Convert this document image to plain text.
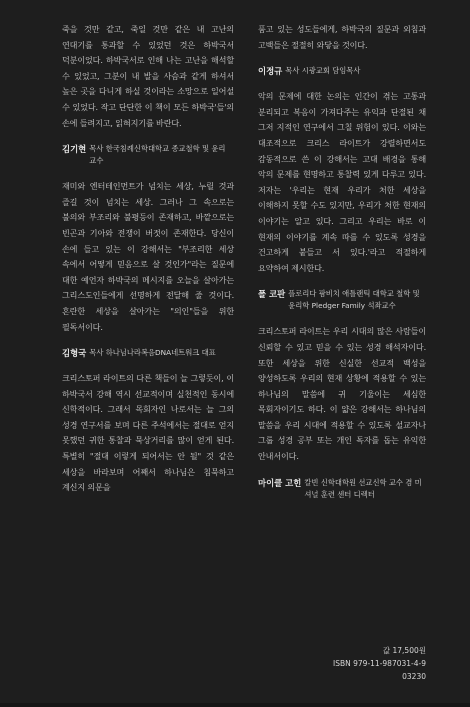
죽을 것만 같고, 죽일 것만 같은 내 고난의 연대기를 통과할 수 있었던 것은 하박국서 덕분이었다. 하박국서로 인해 나는 고난을 해석할 수 있었고, 그분이 내 발을 사슴과 같게 하셔서 높은 곳을 다니게 하실 것이라는 소망으로 일어설 수 있었다. 작고 단단한 이 책이 모든 하박국'들'의 손에 들려지고, 읽혀지기를 바란다.

김기현 목사 한국침례신학대학교 종교철학 및 윤리 교수

재미와 엔터테인먼트가 넘치는 세상, 누릴 것과 즐길 것이 넘치는 세상. 그러나 그 속으로는 불의와 부조리와 불평등이 존재하고, 바깥으로는 빈곤과 기아와 전쟁이 버젓이 존재한다. 당신이 손에 들고 있는 이 강해서는 "부조리한 세상 속에서 어떻게 믿음으로 살 것인가"라는 질문에 대한 예언자 하박국의 메시지를 오늘을 살아가는 그리스도인들에게 선명하게 전달해 줄 것이다. 혼란한 세상을 살아가는 "의인"들을 위한 필독서이다.

김형국 목사 하나님나라복음DNA네트워크 대표

크리스토퍼 라이트의 다른 책들이 늘 그렇듯이, 이 하박국서 강해 역시 선교적이며 실천적인 동시에 신학적이다. 그래서 목회자인 나로서는 늘 그의 성경 연구서를 보며 다른 주석에서는 절대로 얻지 못했던 귀한 통찰과 묵상거리를 많이 얻게 된다. 특별히 "절대 이렇게 되어서는 안 될" 것 같은 세상을 바라보며 어째서 하나님은 침묵하고 계신지 의문을

품고 있는 성도들에게, 하박국의 질문과 외침과 고백들은 절절히 와닿을 것이다.

이정규 목사 시광교회 담임목사

악의 문제에 대한 논의는 인간이 겪는 고통과 분리되고 복음이 가져다주는 유익과 단절된 채 그저 지적인 연구에서 그칠 위험이 있다. 이와는 대조적으로 크리스 라이트가 강렬하면서도 감동적으로 쓴 이 강해서는 고대 배경을 통해 악의 문제를 현명하고 통찰력 있게 다루고 있다. 저자는 '우리는 현재 우리가 처한 세상을 이해하지 못할 수도 있지만, 우리가 처한 현재의 이야기는 알고 있다. 그리고 우리는 바로 이 현재의 이야기를 계속 따를 수 있도록 성경을 건고하게 붙들고 서 있다.'라고 적절하게 요약하여 제시한다.

폴 코판 플로리다 팜비치 애틀랜틱 대학교 철학 및 윤리학 Pledger Family 석좌교수

크리스토퍼 라이트는 우리 시대의 많은 사람들이 신뢰할 수 있고 믿을 수 있는 성경 해석자이다. 또한 세상을 위한 신실한 선교적 백성을 양성하도록 우리의 현재 상황에 적용할 수 있는 하나님의 말씀에 귀 기울이는 세심한 목회자이기도 하다. 이 얇은 강해서는 하나님의 말씀을 우리 시대에 적용할 수 있도록 설교자나 그룹 성경 공부 또는 개인 독자를 돕는 유익한 안내서이다.

마이클 고힌 칼빈 신학대학원 선교신학 교수 겸 미셔널 훈련 센터 디렉터
값 17,500원
ISBN 979-11-987031-4-9 03230
